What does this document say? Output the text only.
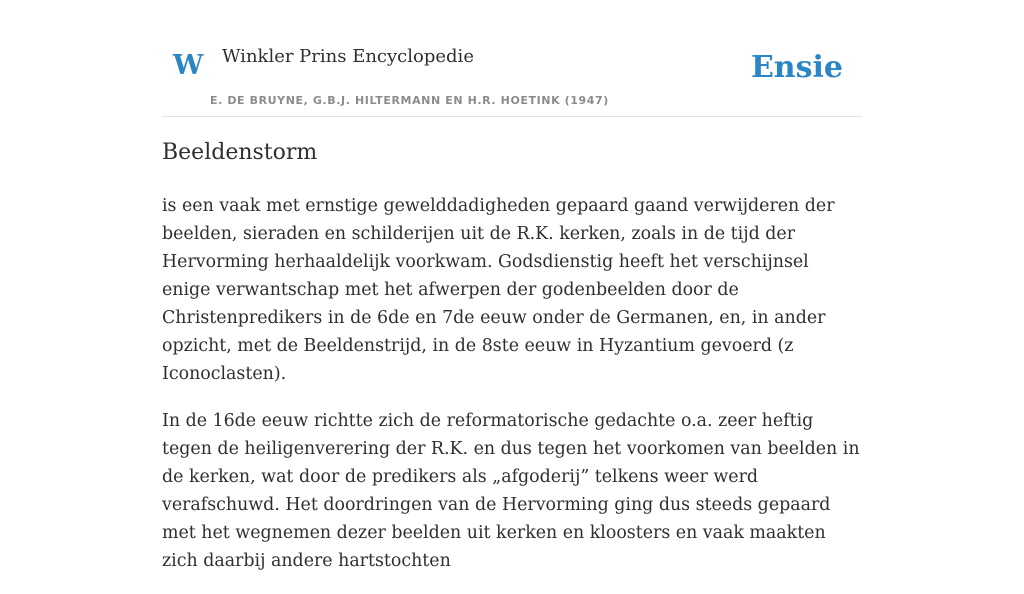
W Winkler Prins Encyclopedie
E. DE BRUYNE, G.B.J. HILTERMANN EN H.R. HOETINK (1947)
Ensie
Beeldenstorm

is een vaak met ernstige gewelddadigheden gepaard gaand verwijderen der beelden, sieraden en schilderijen uit de R.K. kerken, zoals in de tijd der Hervorming herhaaldelijk voorkwam. Godsdienstig heeft het verschijnsel enige verwantschap met het afwerpen der godenbeelden door de Christenpredikers in de 6de en 7de eeuw onder de Germanen, en, in ander opzicht, met de Beeldenstrijd, in de 8ste eeuw in Hyzantium gevoerd (z Iconoclasten).

In de 16de eeuw richtte zich de reformatorische gedachte o.a. zeer heftig tegen de heiligenverering der R.K. en dus tegen het voorkomen van beelden in de kerken, wat door de predikers als „afgoderij” telkens weer werd verafschuwd. Het doordringen van de Hervorming ging dus steeds gepaard met het wegnemen dezer beelden uit kerken en kloosters en vaak maakten zich daarbij andere hartstochten
